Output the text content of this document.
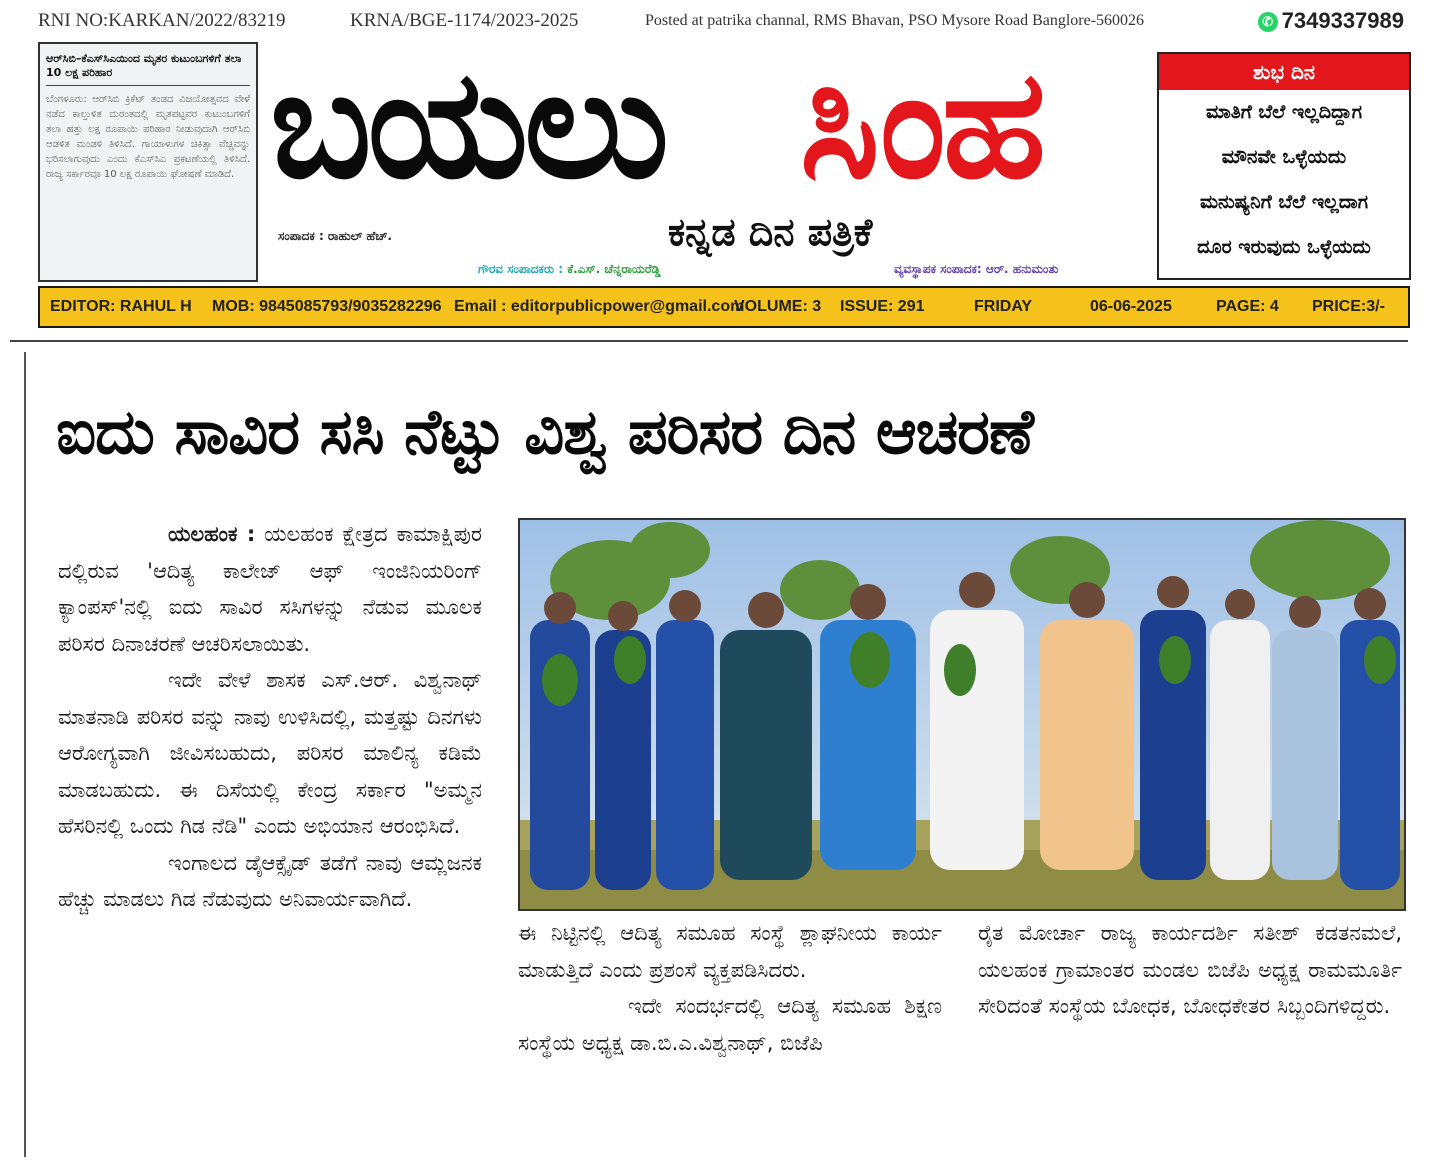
RNI NO:KARKAN/2022/83219	KRNA/BGE-1174/2023-2025	Posted at patrika channal, RMS Bhavan, PSO Mysore Road Banglore-560026	✆ 7349337989
ಆರ್‌ಸಿಬಿ–ಕೆಎಸ್‌ಸಿಎಯಿಂದ ಮೃತರ ಕುಟುಂಬಗಳಿಗೆ ತಲಾ 10 ಲಕ್ಷ ಪರಿಹಾರ
ಬೆಂಗಳೂರು: ಆರ್‌ಸಿಬಿ ಕ್ರಿಕೆಟ್ ತಂಡದ ವಿಜಯೋತ್ಸವದ ವೇಳೆ ನಡೆದ ಕಾಲ್ತುಳಿತ ದುರಂತದಲ್ಲಿ ಮೃತಪಟ್ಟವರ ಕುಟುಂಬಗಳಿಗೆ ತಲಾ ಹತ್ತು ಲಕ್ಷ ರೂಪಾಯಿ ಪರಿಹಾರ ನೀಡುವುದಾಗಿ ಆರ್‌ಸಿಬಿ ಆಡಳಿತ ಮಂಡಳಿ ತಿಳಿಸಿದೆ. ಗಾಯಾಳುಗಳ ಚಿಕಿತ್ಸಾ ವೆಚ್ಚವನ್ನು ಭರಿಸಲಾಗುವುದು ಎಂದು ಕೆಎಸ್‌ಸಿಎ ಪ್ರಕಟಣೆಯಲ್ಲಿ ತಿಳಿಸಿದೆ. ರಾಜ್ಯ ಸರ್ಕಾರವೂ 10 ಲಕ್ಷ ರೂಪಾಯಿ ಘೋಷಣೆ ಮಾಡಿದೆ. ಬಯಲು ಸಿಂಹ
ಕನ್ನಡ ದಿನ ಪತ್ರಿಕೆ
ಸಂಪಾದಕ : ರಾಹುಲ್ ಹೆಚ್.
ಗೌರವ ಸಂಪಾದಕರು : ಕೆ.ಎಸ್. ಚೆನ್ನರಾಯರೆಡ್ಡಿ	ವ್ಯವಸ್ಥಾಪಕ ಸಂಪಾದಕ: ಆರ್. ಹನುಮಂತು
ಶುಭ ದಿನ
ಮಾತಿಗೆ ಬೆಲೆ ಇಲ್ಲದಿದ್ದಾಗ
ಮೌನವೇ ಒಳ್ಳೆಯದು
ಮನುಷ್ಯನಿಗೆ ಬೆಲೆ ಇಲ್ಲದಾಗ
ದೂರ ಇರುವುದು ಒಳ್ಳೆಯದು
EDITOR: RAHUL H MOB: 9845085793/9035282296 Email : editorpublicpower@gmail.com
VOLUME: 3 ISSUE: 291	FRIDAY	06-06-2025	PAGE: 4 PRICE:3/-
ಐದು ಸಾವಿರ ಸಸಿ ನೆಟ್ಟು ವಿಶ್ವ ಪರಿಸರ ದಿನ ಆಚರಣೆ

ಯಲಹಂಕ : ಯಲಹಂಕ ಕ್ಷೇತ್ರದ ಕಾಮಾಕ್ಷಿಪುರ ದಲ್ಲಿರುವ 'ಆದಿತ್ಯ ಕಾಲೇಜ್ ಆಫ್ ಇಂಜಿನಿಯರಿಂಗ್ ಕ್ಯಾಂಪಸ್'ನಲ್ಲಿ ಐದು ಸಾವಿರ ಸಸಿಗಳನ್ನು ನೆಡುವ ಮೂಲಕ ಪರಿಸರ ದಿನಾಚರಣೆ ಆಚರಿಸಲಾಯಿತು.

ಇದೇ ವೇಳೆ ಶಾಸಕ ಎಸ್.ಆರ್. ವಿಶ್ವನಾಥ್ ಮಾತನಾಡಿ ಪರಿಸರ ವನ್ನು ನಾವು ಉಳಿಸಿದಲ್ಲಿ, ಮತ್ತಷ್ಟು ದಿನಗಳು ಆರೋಗ್ಯವಾಗಿ ಜೀವಿಸಬಹುದು, ಪರಿಸರ ಮಾಲಿನ್ಯ ಕಡಿಮೆ ಮಾಡಬಹುದು. ಈ ದಿಸೆಯಲ್ಲಿ ಕೇಂದ್ರ ಸರ್ಕಾರ "ಅಮ್ಮನ ಹೆಸರಿನಲ್ಲಿ ಒಂದು ಗಿಡ ನೆಡಿ" ಎಂದು ಅಭಿಯಾನ ಆರಂಭಿಸಿದೆ.

ಇಂಗಾಲದ ಡೈಆಕ್ಸೈಡ್ ತಡೆಗೆ ನಾವು ಆಮ್ಲಜನಕ ಹೆಚ್ಚು ಮಾಡಲು ಗಿಡ ನೆಡುವುದು ಅನಿವಾರ್ಯವಾಗಿದೆ.

ಈ ನಿಟ್ಟಿನಲ್ಲಿ ಆದಿತ್ಯ ಸಮೂಹ ಸಂಸ್ಥೆ ಶ್ಲಾಘನೀಯ ಕಾರ್ಯ ಮಾಡುತ್ತಿದೆ ಎಂದು ಪ್ರಶಂಸೆ ವ್ಯಕ್ತಪಡಿಸಿದರು.

ಇದೇ ಸಂದರ್ಭದಲ್ಲಿ ಆದಿತ್ಯ ಸಮೂಹ ಶಿಕ್ಷಣ ಸಂಸ್ಥೆಯ ಅಧ್ಯಕ್ಷ ಡಾ.ಬಿ.ಎ.ವಿಶ್ವನಾಥ್, ಬಿಜೆಪಿ

ರೈತ ಮೋರ್ಚಾ ರಾಜ್ಯ ಕಾರ್ಯದರ್ಶಿ ಸತೀಶ್ ಕಡತನಮಲೆ, ಯಲಹಂಕ ಗ್ರಾಮಾಂತರ ಮಂಡಲ ಬಿಜೆಪಿ ಅಧ್ಯಕ್ಷ ರಾಮಮೂರ್ತಿ ಸೇರಿದಂತೆ ಸಂಸ್ಥೆಯ ಬೋಧಕ, ಬೋಧಕೇತರ ಸಿಬ್ಬಂದಿಗಳಿದ್ದರು.
